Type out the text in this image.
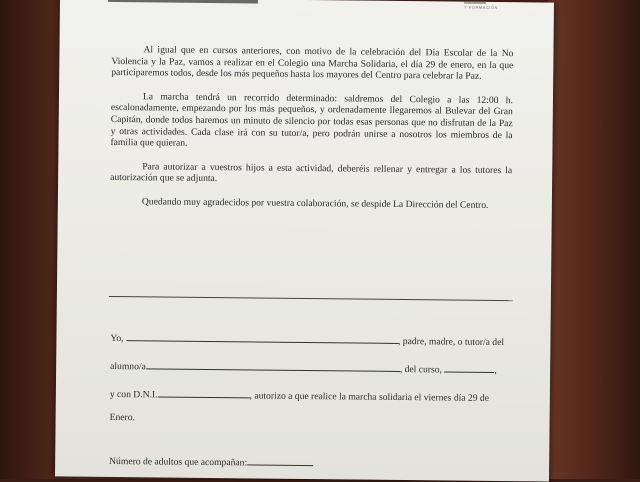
Y FORMACIÓN

Al igual que en cursos anteriores, con motivo de la celebración del Día Escolar de la No Violencia y la Paz, vamos a realizar en el Colegio una Marcha Solidaria, el día 29 de enero, en la que participaremos todos, desde los más pequeños hasta los mayores del Centro para celebrar la Paz.

La marcha tendrá un recorrido determinado: saldremos del Colegio a las 12:00 h. escalonadamente, empezando por los más pequeños, y ordenadamente llegaremos al Bulevar del Gran Capitán, donde todos haremos un minuto de silencio por todas esas personas que no disfrutan de la Paz y otras actividades. Cada clase irá con su tutor/a, pero podrán unirse a nosotros los miembros de la familia que quieran.

Para autorizar a vuestros hijos a esta actividad, deberéis rellenar y entregar a los tutores la autorización que se adjunta.

Quedando muy agradecidos por vuestra colaboración, se despide La Dirección del Centro.

Yo,	, padre, madre, o tutor/a del
alumno/a	, del curso,	,
y con D.N.I.	, autorizo a que realice la marcha solidaria el viernes día 29 de
Enero.
Número de adultos que acompañan:
